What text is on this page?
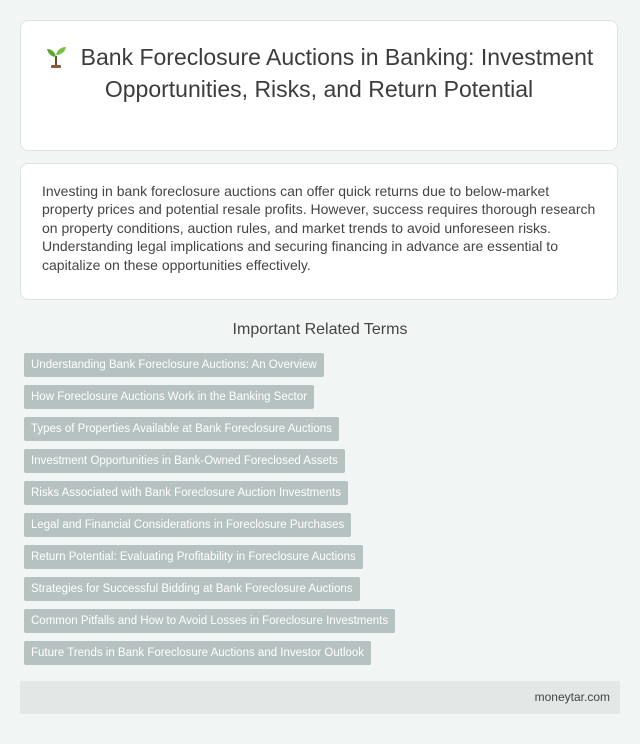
Bank Foreclosure Auctions in Banking: Investment Opportunities, Risks, and Return Potential

Investing in bank foreclosure auctions can offer quick returns due to below-market property prices and potential resale profits. However, success requires thorough research on property conditions, auction rules, and market trends to avoid unforeseen risks. Understanding legal implications and securing financing in advance are essential to capitalize on these opportunities effectively.

Important Related Terms
Understanding Bank Foreclosure Auctions: An Overview
How Foreclosure Auctions Work in the Banking Sector
Types of Properties Available at Bank Foreclosure Auctions
Investment Opportunities in Bank-Owned Foreclosed Assets
Risks Associated with Bank Foreclosure Auction Investments
Legal and Financial Considerations in Foreclosure Purchases
Return Potential: Evaluating Profitability in Foreclosure Auctions
Strategies for Successful Bidding at Bank Foreclosure Auctions
Common Pitfalls and How to Avoid Losses in Foreclosure Investments
Future Trends in Bank Foreclosure Auctions and Investor Outlook
moneytar.com
